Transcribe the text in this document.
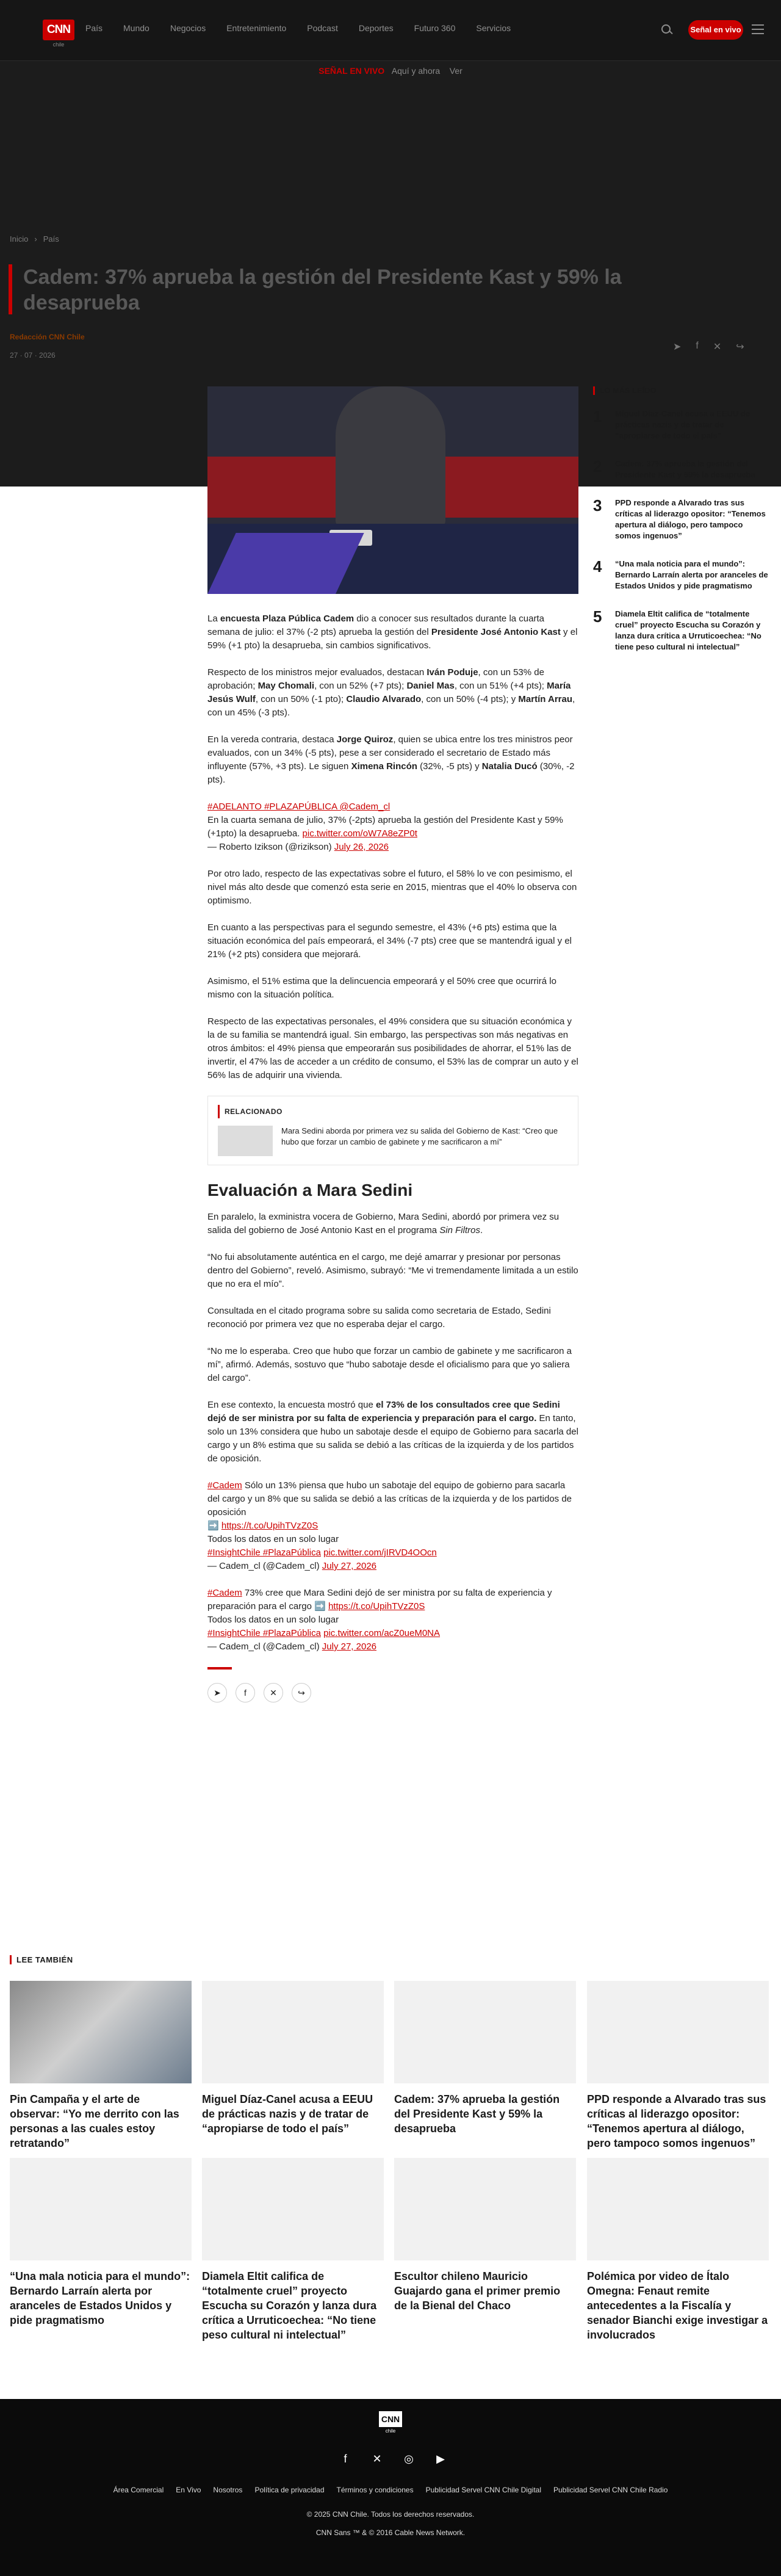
CNN
chile
País Mundo Negocios Entretenimiento Podcast Deportes Futuro 360 Servicios	Señal en vivo
SEÑAL EN VIVO Aquí y ahora Ver
Inicio › País
Cadem: 37% aprueba la gestión del Presidente Kast y 59% la desaprueba
Redacción CNN Chile
27 · 07 · 2026
➤ f ✕ ↪

La encuesta Plaza Pública Cadem dio a conocer sus resultados durante la cuarta semana de julio: el 37% (-2 pts) aprueba la gestión del Presidente José Antonio Kast y el 59% (+1 pto) la desaprueba, sin cambios significativos.

Respecto de los ministros mejor evaluados, destacan Iván Poduje, con un 53% de aprobación; May Chomali, con un 52% (+7 pts); Daniel Mas, con un 51% (+4 pts); María Jesús Wulf, con un 50% (-1 pto); Claudio Alvarado, con un 50% (-4 pts); y Martín Arrau, con un 45% (-3 pts).

En la vereda contraria, destaca Jorge Quiroz, quien se ubica entre los tres ministros peor evaluados, con un 34% (-5 pts), pese a ser considerado el secretario de Estado más influyente (57%, +3 pts). Le siguen Ximena Rincón (32%, -5 pts) y Natalia Ducó (30%, -2 pts).

#ADELANTO #PLAZAPÚBLICA @Cadem_cl
En la cuarta semana de julio, 37% (-2pts) aprueba la gestión del Presidente Kast y 59% (+1pto) la desaprueba. pic.twitter.com/oW7A8eZP0t
— Roberto Izikson (@rizikson) July 26, 2026

Por otro lado, respecto de las expectativas sobre el futuro, el 58% lo ve con pesimismo, el nivel más alto desde que comenzó esta serie en 2015, mientras que el 40% lo observa con optimismo.

En cuanto a las perspectivas para el segundo semestre, el 43% (+6 pts) estima que la situación económica del país empeorará, el 34% (-7 pts) cree que se mantendrá igual y el 21% (+2 pts) considera que mejorará.

Asimismo, el 51% estima que la delincuencia empeorará y el 50% cree que ocurrirá lo mismo con la situación política.

Respecto de las expectativas personales, el 49% considera que su situación económica y la de su familia se mantendrá igual. Sin embargo, las perspectivas son más negativas en otros ámbitos: el 49% piensa que empeorarán sus posibilidades de ahorrar, el 51% las de invertir, el 47% las de acceder a un crédito de consumo, el 53% las de comprar un auto y el 56% las de adquirir una vivienda.

RELACIONADO
Mara Sedini aborda por primera vez su salida del Gobierno de Kast: “Creo que hubo que forzar un cambio de gabinete y me sacrificaron a mí”
Evaluación a Mara Sedini

En paralelo, la exministra vocera de Gobierno, Mara Sedini, abordó por primera vez su salida del gobierno de José Antonio Kast en el programa Sin Filtros.

“No fui absolutamente auténtica en el cargo, me dejé amarrar y presionar por personas dentro del Gobierno”, reveló. Asimismo, subrayó: “Me vi tremendamente limitada a un estilo que no era el mío”.

Consultada en el citado programa sobre su salida como secretaria de Estado, Sedini reconoció por primera vez que no esperaba dejar el cargo.

“No me lo esperaba. Creo que hubo que forzar un cambio de gabinete y me sacrificaron a mí”, afirmó. Además, sostuvo que “hubo sabotaje desde el oficialismo para que yo saliera del cargo”.

En ese contexto, la encuesta mostró que el 73% de los consultados cree que Sedini dejó de ser ministra por su falta de experiencia y preparación para el cargo. En tanto, solo un 13% considera que hubo un sabotaje desde el equipo de Gobierno para sacarla del cargo y un 8% estima que su salida se debió a las críticas de la izquierda y de los partidos de oposición.

#Cadem Sólo un 13% piensa que hubo un sabotaje del equipo de gobierno para sacarla del cargo y un 8% que su salida se debió a las críticas de la izquierda y de los partidos de oposición
➡️ https://t.co/UpihTVzZ0S
Todos los datos en un solo lugar
#InsightChile #PlazaPública pic.twitter.com/jIRVD4OOcn
— Cadem_cl (@Cadem_cl) July 27, 2026
#Cadem 73% cree que Mara Sedini dejó de ser ministra por su falta de experiencia y preparación para el cargo ➡️ https://t.co/UpihTVzZ0S
Todos los datos en un solo lugar
#InsightChile #PlazaPública pic.twitter.com/acZ0ueM0NA
— Cadem_cl (@Cadem_cl) July 27, 2026
➤	f	✕	↪
LO MÁS LEÍDO
1	Miguel Díaz-Canel acusa a EEUU de prácticas nazis y de tratar de “apropiarse de todo el país”
2	Cadem: 37% aprueba la gestión del Presidente Kast y 59% la desaprueba
3	PPD responde a Alvarado tras sus críticas al liderazgo opositor: “Tenemos apertura al diálogo, pero tampoco somos ingenuos”
4	“Una mala noticia para el mundo”: Bernardo Larraín alerta por aranceles de Estados Unidos y pide pragmatismo
5	Diamela Eltit califica de “totalmente cruel” proyecto Escucha su Corazón y lanza dura crítica a Urruticoechea: “No tiene peso cultural ni intelectual”
LEE TAMBIÉN
Pin Campaña y el arte de observar: “Yo me derrito con las personas a las cuales estoy retratando”
Miguel Díaz-Canel acusa a EEUU de prácticas nazis y de tratar de “apropiarse de todo el país”
Cadem: 37% aprueba la gestión del Presidente Kast y 59% la desaprueba
PPD responde a Alvarado tras sus críticas al liderazgo opositor: “Tenemos apertura al diálogo, pero tampoco somos ingenuos”
“Una mala noticia para el mundo”: Bernardo Larraín alerta por aranceles de Estados Unidos y pide pragmatismo
Diamela Eltit califica de “totalmente cruel” proyecto Escucha su Corazón y lanza dura crítica a Urruticoechea: “No tiene peso cultural ni intelectual”
Escultor chileno Mauricio Guajardo gana el primer premio de la Bienal del Chaco
Polémica por video de Ítalo Omegna: Fenaut remite antecedentes a la Fiscalía y senador Bianchi exige investigar a involucrados
CNN
chile
f	✕ ◎ ▶
Área Comercial En Vivo Nosotros Política de privacidad Términos y condiciones Publicidad Servel CNN Chile Digital Publicidad Servel CNN Chile Radio
© 2025 CNN Chile. Todos los derechos reservados.
CNN Sans ™ & © 2016 Cable News Network.
